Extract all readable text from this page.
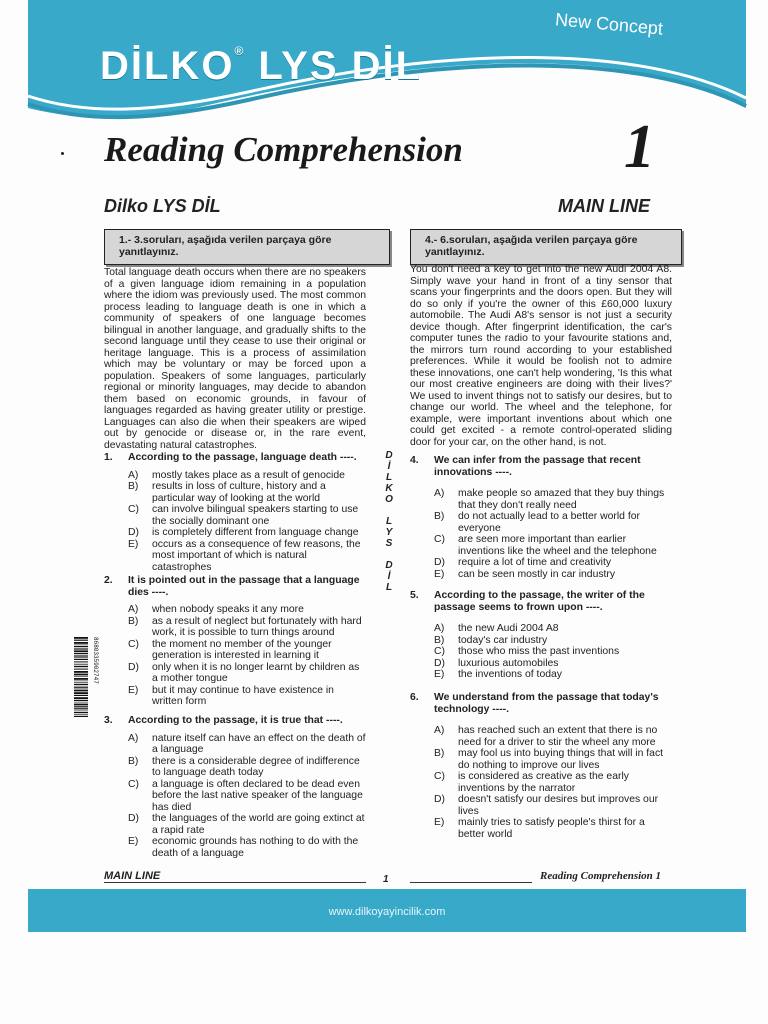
DİLKO® LYS DİL
New Concept
Reading Comprehension	1
Dilko LYS DİL	MAIN LINE
1.- 3.soruları, aşağıda verilen parçaya göre yanıtlayınız.
Total language death occurs when there are no speakers of a given language idiom remaining in a population where the idiom was previously used. The most common process leading to language death is one in which a community of speakers of one language becomes bilingual in another language, and gradually shifts to the second language until they cease to use their original or heritage language. This is a process of assimilation which may be voluntary or may be forced upon a population. Speakers of some languages, particularly regional or minority languages, may decide to abandon them based on economic grounds, in favour of languages regarded as having greater utility or prestige. Languages can also die when their speakers are wiped out by genocide or disease or, in the rare event, devastating natural catastrophes.
1.	According to the passage, language death ----.
A)	mostly takes place as a result of genocide
B)	results in loss of culture, history and a particular way of looking at the world
C)	can involve bilingual speakers starting to use the socially dominant one
D)	is completely different from language change
E)	occurs as a consequence of few reasons, the most important of which is natural catastrophes
2.	It is pointed out in the passage that a language dies ----.
A)	when nobody speaks it any more
B)	as a result of neglect but fortunately with hard work, it is possible to turn things around
C)	the moment no member of the younger generation is interested in learning it
D)	only when it is no longer learnt by children as a mother tongue
E)	but it may continue to have existence in written form
3.	According to the passage, it is true that ----.
A)	nature itself can have an effect on the death of a language
B)	there is a considerable degree of indifference to language death today
C)	a language is often declared to be dead even before the last native speaker of the language has died
D)	the languages of the world are going extinct at a rapid rate
E)	economic grounds has nothing to do with the death of a language
D
İ
L
K
O

L
Y
S

D
İ
L
8680335902747
4.- 6.soruları, aşağıda verilen parçaya göre yanıtlayınız.
You don't need a key to get into the new Audi 2004 A8. Simply wave your hand in front of a tiny sensor that scans your fingerprints and the doors open. But they will do so only if you're the owner of this £60,000 luxury automobile. The Audi A8's sensor is not just a security device though. After fingerprint identification, the car's computer tunes the radio to your favourite stations and, the mirrors turn round according to your established preferences. While it would be foolish not to admire these innovations, one can't help wondering, 'Is this what our most creative engineers are doing with their lives?' We used to invent things not to satisfy our desires, but to change our world. The wheel and the telephone, for example, were important inventions about which one could get excited - a remote control-operated sliding door for your car, on the other hand, is not.
4.	We can infer from the passage that recent innovations ----.
A)	make people so amazed that they buy things that they don't really need
B)	do not actually lead to a better world for everyone
C)	are seen more important than earlier inventions like the wheel and the telephone
D)	require a lot of time and creativity
E)	can be seen mostly in car industry
5.	According to the passage, the writer of the passage seems to frown upon ----.
A)	the new Audi 2004 A8
B)	today's car industry
C)	those who miss the past inventions
D)	luxurious automobiles
E)	the inventions of today
6.	We understand from the passage that today's technology ----.
A)	has reached such an extent that there is no need for a driver to stir the wheel any more
B)	may fool us into buying things that will in fact do nothing to improve our lives
C)	is considered as creative as the early inventions by the narrator
D)	doesn't satisfy our desires but improves our lives
E)	mainly tries to satisfy people's thirst for a better world
MAIN LINE	1	Reading Comprehension 1
www.dilkoyayincilik.com
